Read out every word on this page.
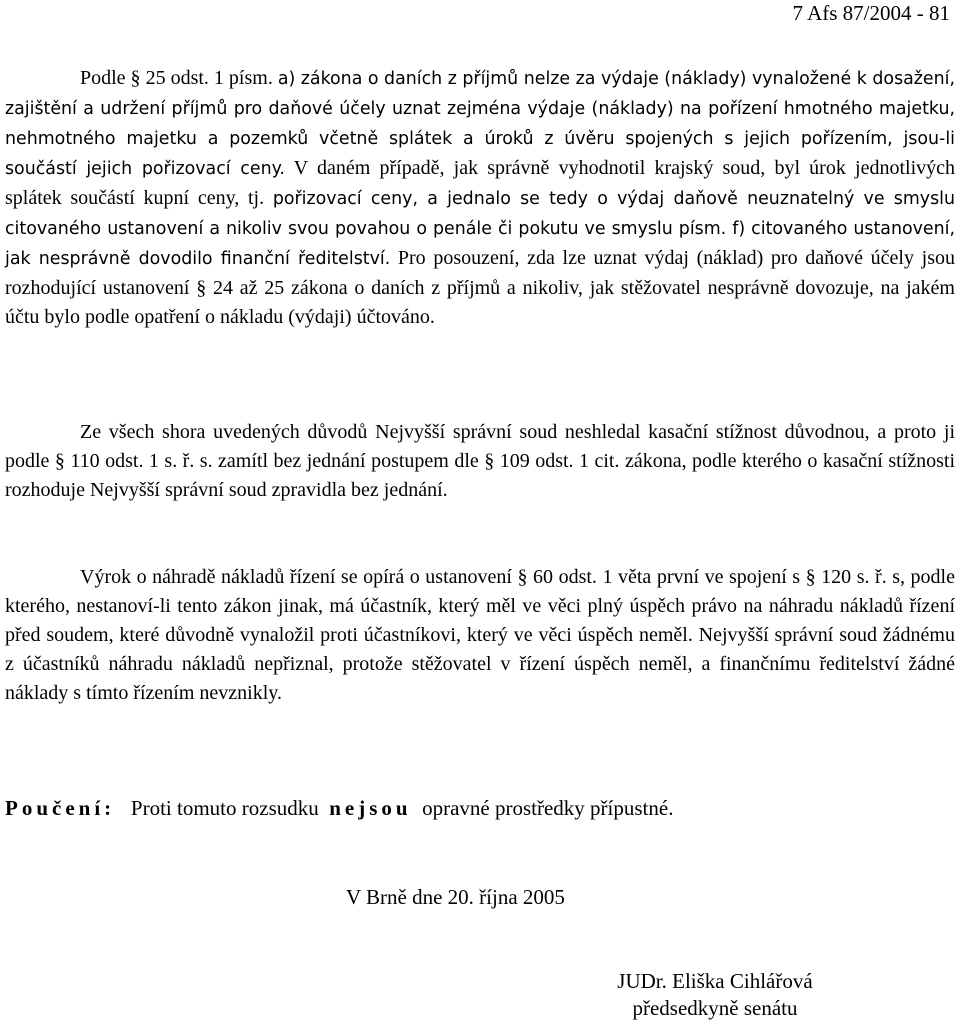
7 Afs 87/2004 - 81

Podle § 25 odst. 1 písm. a) zákona o daních z příjmů nelze za výdaje (náklady) vynaložené k dosažení, zajištění a udržení příjmů pro daňové účely uznat zejména výdaje (náklady) na pořízení hmotného majetku, nehmotného majetku a pozemků včetně splátek a úroků z úvěru spojených s jejich pořízením, jsou-li součástí jejich pořizovací ceny. V daném případě, jak správně vyhodnotil krajský soud, byl úrok jednotlivých splátek součástí kupní ceny, tj. pořizovací ceny, a jednalo se tedy o výdaj daňově neuznatelný ve smyslu citovaného ustanovení a nikoliv svou povahou o penále či pokutu ve smyslu písm. f) citovaného ustanovení, jak nesprávně dovodilo finanční ředitelství. Pro posouzení, zda lze uznat výdaj (náklad) pro daňové účely jsou rozhodující ustanovení § 24 až 25 zákona o daních z příjmů a nikoliv, jak stěžovatel nesprávně dovozuje, na jakém účtu bylo podle opatření o nákladu (výdaji) účtováno.

Ze všech shora uvedených důvodů Nejvyšší správní soud neshledal kasační stížnost důvodnou, a proto ji podle § 110 odst. 1 s. ř. s. zamítl bez jednání postupem dle § 109 odst. 1 cit. zákona, podle kterého o kasační stížnosti rozhoduje Nejvyšší správní soud zpravidla bez jednání.

Výrok o náhradě nákladů řízení se opírá o ustanovení § 60 odst. 1 věta první ve spojení s § 120 s. ř. s, podle kterého, nestanoví-li tento zákon jinak, má účastník, který měl ve věci plný úspěch právo na náhradu nákladů řízení před soudem, které důvodně vynaložil proti účastníkovi, který ve věci úspěch neměl. Nejvyšší správní soud žádnému z účastníků náhradu nákladů nepřiznal, protože stěžovatel v řízení úspěch neměl, a finančnímu ředitelství žádné náklady s tímto řízením nevznikly.

Poučení: Proti tomuto rozsudku nejsou opravné prostředky přípustné.
V Brně dne 20. října 2005
JUDr. Eliška Cihlářová
předsedkyně senátu
